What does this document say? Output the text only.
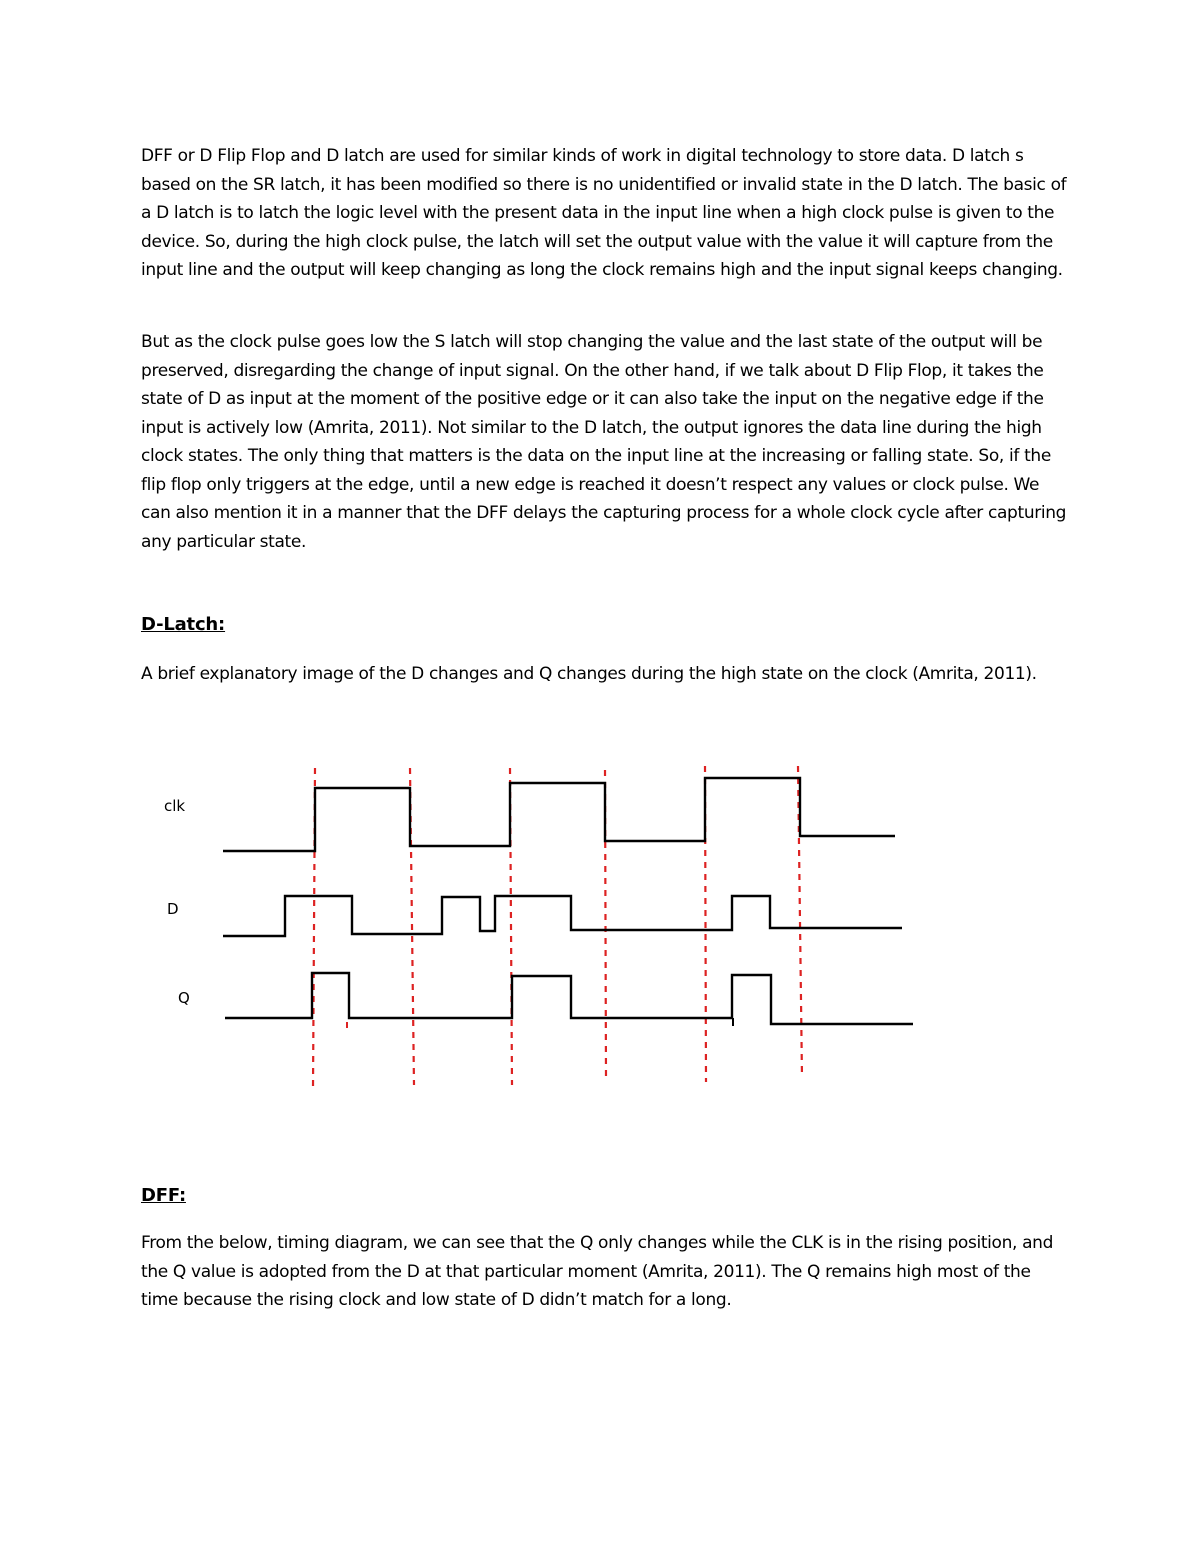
DFF or D Flip Flop and D latch are used for similar kinds of work in digital technology to store data. D latch s based on the SR latch, it has been modified so there is no unidentified or invalid state in the D latch. The basic of a D latch is to latch the logic level with the present data in the input line when a high clock pulse is given to the device. So, during the high clock pulse, the latch will set the output value with the value it will capture from the input line and the output will keep changing as long the clock remains high and the input signal keeps changing.

But as the clock pulse goes low the S latch will stop changing the value and the last state of the output will be preserved, disregarding the change of input signal. On the other hand, if we talk about D Flip Flop, it takes the state of D as input at the moment of the positive edge or it can also take the input on the negative edge if the input is actively low (Amrita, 2011). Not similar to the D latch, the output ignores the data line during the high clock states. The only thing that matters is the data on the input line at the increasing or falling state. So, if the flip flop only triggers at the edge, until a new edge is reached it doesn’t respect any values or clock pulse. We can also mention it in a manner that the DFF delays the capturing process for a whole clock cycle after capturing any particular state.

D-Latch:

A brief explanatory image of the D changes and Q changes during the high state on the clock (Amrita, 2011).

clk
D
Q
DFF:

From the below, timing diagram, we can see that the Q only changes while the CLK is in the rising position, and the Q value is adopted from the D at that particular moment (Amrita, 2011). The Q remains high most of the time because the rising clock and low state of D didn’t match for a long.
